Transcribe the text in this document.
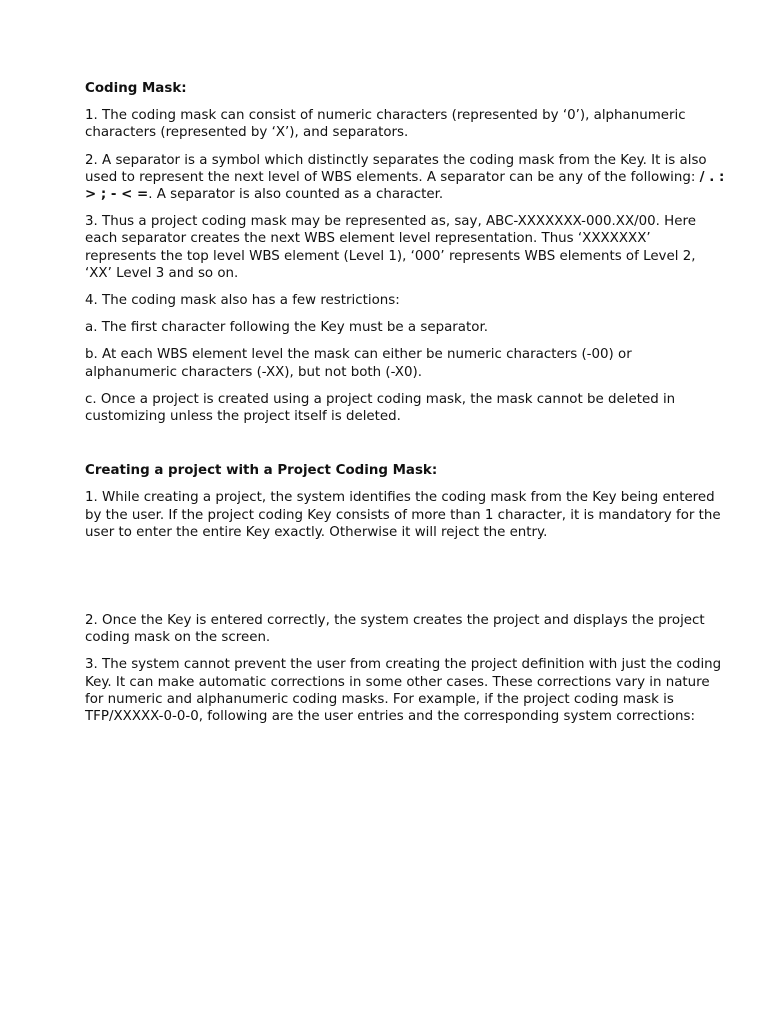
Coding Mask:

1. The coding mask can consist of numeric characters (represented by ‘0’), alphanumeric characters (represented by ‘X’), and separators.

2. A separator is a symbol which distinctly separates the coding mask from the Key. It is also used to represent the next level of WBS elements. A separator can be any of the following: / . : > ; - < =. A separator is also counted as a character.

3. Thus a project coding mask may be represented as, say, ABC-XXXXXXX-000.XX/00. Here each separator creates the next WBS element level representation. Thus ‘XXXXXXX’ represents the top level WBS element (Level 1), ‘000’ represents WBS elements of Level 2, ‘XX’ Level 3 and so on.

4. The coding mask also has a few restrictions:

a. The first character following the Key must be a separator.

b. At each WBS element level the mask can either be numeric characters (-00) or alphanumeric characters (-XX), but not both (-X0).

c. Once a project is created using a project coding mask, the mask cannot be deleted in customizing unless the project itself is deleted.

Creating a project with a Project Coding Mask:

1. While creating a project, the system identifies the coding mask from the Key being entered by the user. If the project coding Key consists of more than 1 character, it is mandatory for the user to enter the entire Key exactly. Otherwise it will reject the entry.

2. Once the Key is entered correctly, the system creates the project and displays the project coding mask on the screen.

3. The system cannot prevent the user from creating the project definition with just the coding Key. It can make automatic corrections in some other cases. These corrections vary in nature for numeric and alphanumeric coding masks. For example, if the project coding mask is TFP/XXXXX-0-0-0, following are the user entries and the corresponding system corrections:
